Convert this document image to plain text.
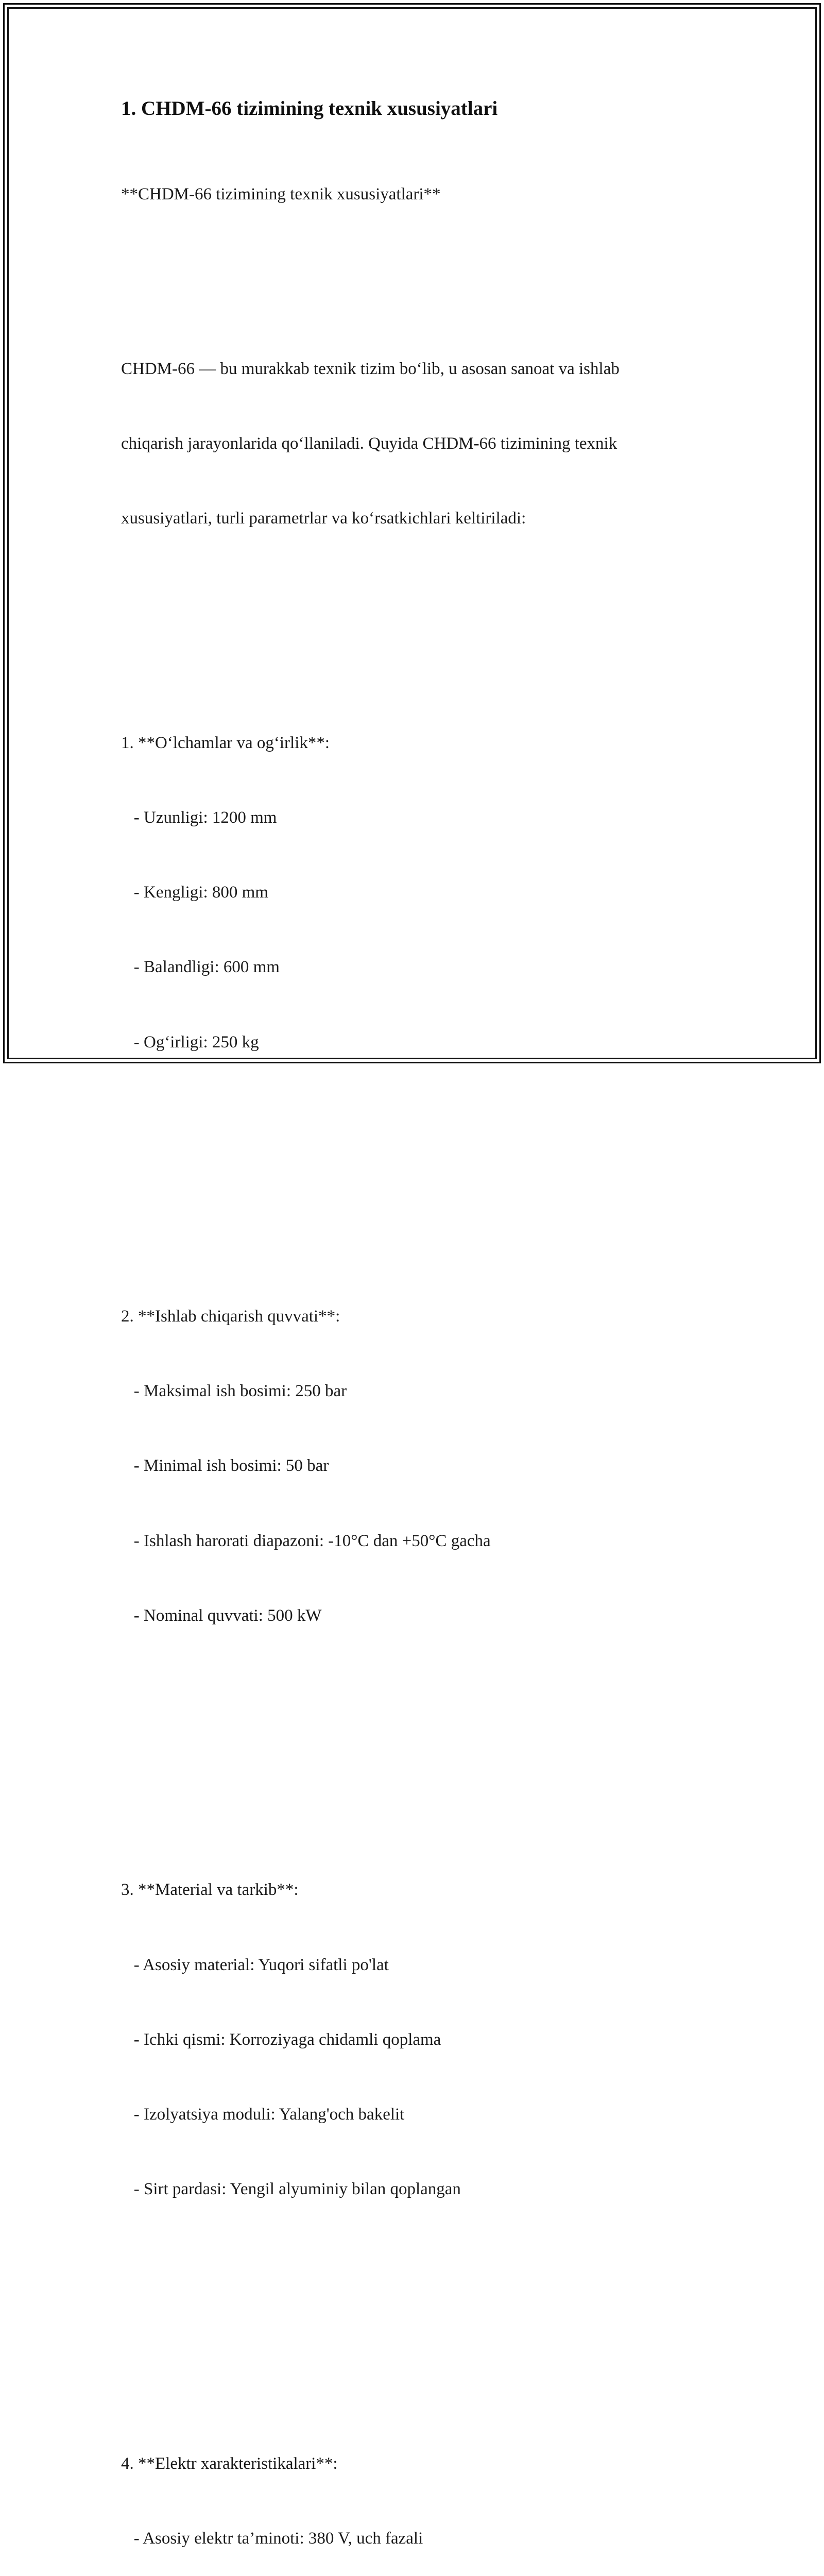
1. CHDM-66 tizimining texnik xususiyatlari

**CHDM-66 tizimining texnik xususiyatlari**

CHDM-66 — bu murakkab texnik tizim bo‘lib, u asosan sanoat va ishlab

chiqarish jarayonlarida qo‘llaniladi. Quyida CHDM-66 tizimining texnik

xususiyatlari, turli parametrlar va ko‘rsatkichlari keltiriladi:

1. **O‘lchamlar va og‘irlik**:

- Uzunligi: 1200 mm

- Kengligi: 800 mm

- Balandligi: 600 mm

- Og‘irligi: 250 kg

2. **Ishlab chiqarish quvvati**:

- Maksimal ish bosimi: 250 bar

- Minimal ish bosimi: 50 bar

- Ishlash harorati diapazoni: -10°C dan +50°C gacha

- Nominal quvvati: 500 kW

3. **Material va tarkib**:

- Asosiy material: Yuqori sifatli po'lat

- Ichki qismi: Korroziyaga chidamli qoplama

- Izolyatsiya moduli: Yalang'och bakelit

- Sirt pardasi: Yengil alyuminiy bilan qoplangan

4. **Elektr xarakteristikalari**:

- Asosiy elektr ta’minoti: 380 V, uch fazali
